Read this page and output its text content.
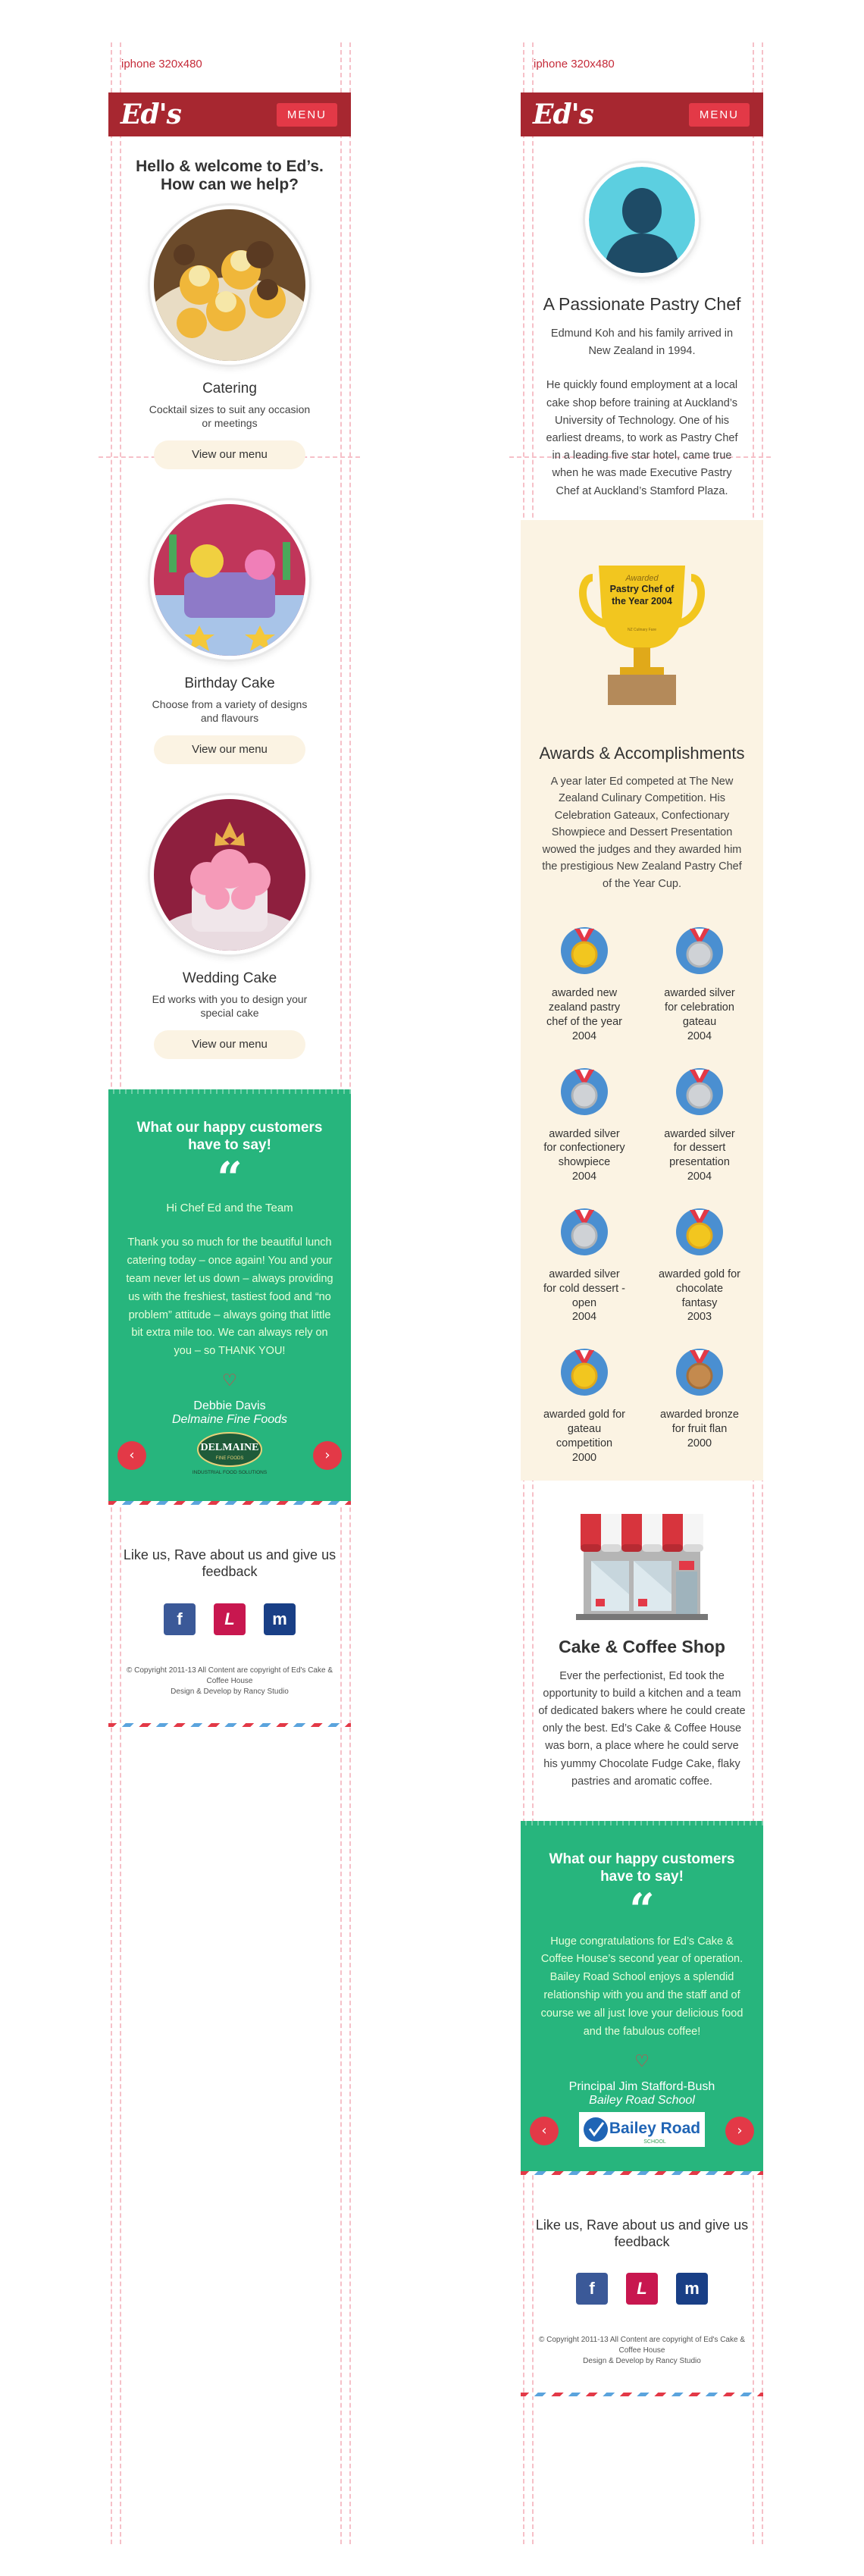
iphone 320x480	iphone 320x480
Ed's	MENU
Hello & welcome to Ed’s. How can we help?
Catering
Cocktail sizes to suit any occasion or meetings
View our menu
Birthday Cake
Choose from a variety of designs and flavours
View our menu
Wedding Cake
Ed works with you to design your special cake
View our menu
What our happy customers have to say!
“
Hi Chef Ed and the Team
Thank you so much for the beautiful lunch catering today – once again! You and your team never let us down – always providing us with the freshiest, tastiest food and “no problem” attitude – always going that little bit extra mile too. We can always rely on you – so THANK YOU!
♡
Debbie Davis
Delmaine Fine Foods
‹	DELMAINE
FINE FOODS
INDUSTRIAL FOOD SOLUTIONS
›
Like us, Rave about us and give us feedback
f	L	m
© Copyright 2011-13 All Content are copyright of Ed's Cake & Coffee House
Design & Develop by Rancy Studio
Ed's	MENU
A Passionate Pastry Chef

Edmund Koh and his family arrived in New Zealand in 1994.

He quickly found employment at a local cake shop before training at Auckland’s University of Technology. One of his earliest dreams, to work as Pastry Chef in a leading five star hotel, came true when he was made Executive Pastry Chef at Auckland’s Stamford Plaza.

Awarded
Pastry Chef of the Year 2004
NZ Culinary Fare
Awards & Accomplishments
A year later Ed competed at The New Zealand Culinary Competition. His Celebration Gateaux, Confectionary Showpiece and Dessert Presentation wowed the judges and they awarded him the prestigious New Zealand Pastry Chef of the Year Cup.
awarded new zealand pastry chef of the year
2004
awarded silver for celebration gateau
2004
awarded silver for confectionery showpiece
2004
awarded silver for dessert presentation
2004
awarded silver for cold dessert - open
2004
awarded gold for chocolate fantasy
2003
awarded gold for gateau competition
2000
awarded bronze for fruit flan
2000
Cake & Coffee Shop
Ever the perfectionist, Ed took the opportunity to build a kitchen and a team of dedicated bakers where he could create only the best. Ed’s Cake & Coffee House was born, a place where he could serve his yummy Chocolate Fudge Cake, flaky pastries and aromatic coffee.
What our happy customers have to say!
“
Huge congratulations for Ed’s Cake & Coffee House’s second year of operation. Bailey Road School enjoys a splendid relationship with you and the staff and of course we all just love your delicious food and the fabulous coffee!
♡
Principal Jim Stafford-Bush
Bailey Road School
‹	Bailey Road
SCHOOL
›
Like us, Rave about us and give us feedback
f	L	m
© Copyright 2011-13 All Content are copyright of Ed's Cake & Coffee House
Design & Develop by Rancy Studio
